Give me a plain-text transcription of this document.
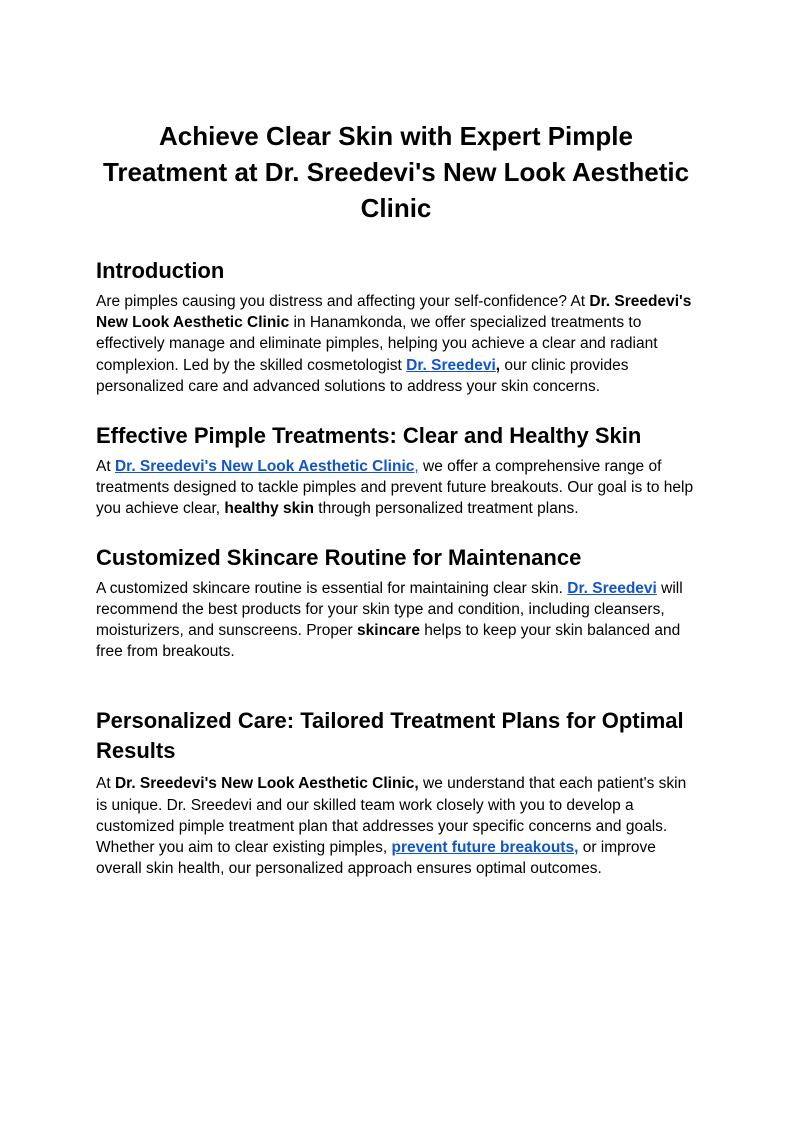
Achieve Clear Skin with Expert Pimple Treatment at Dr. Sreedevi's New Look Aesthetic Clinic
Introduction

Are pimples causing you distress and affecting your self-confidence? At Dr. Sreedevi's New Look Aesthetic Clinic in Hanamkonda, we offer specialized treatments to effectively manage and eliminate pimples, helping you achieve a clear and radiant complexion. Led by the skilled cosmetologist Dr. Sreedevi, our clinic provides personalized care and advanced solutions to address your skin concerns.

Effective Pimple Treatments: Clear and Healthy Skin

At Dr. Sreedevi's New Look Aesthetic Clinic, we offer a comprehensive range of treatments designed to tackle pimples and prevent future breakouts. Our goal is to help you achieve clear, healthy skin through personalized treatment plans.

Customized Skincare Routine for Maintenance

A customized skincare routine is essential for maintaining clear skin. Dr. Sreedevi will recommend the best products for your skin type and condition, including cleansers, moisturizers, and sunscreens. Proper skincare helps to keep your skin balanced and free from breakouts.

Personalized Care: Tailored Treatment Plans for Optimal Results

At Dr. Sreedevi's New Look Aesthetic Clinic, we understand that each patient's skin is unique. Dr. Sreedevi and our skilled team work closely with you to develop a customized pimple treatment plan that addresses your specific concerns and goals. Whether you aim to clear existing pimples, prevent future breakouts, or improve overall skin health, our personalized approach ensures optimal outcomes.
